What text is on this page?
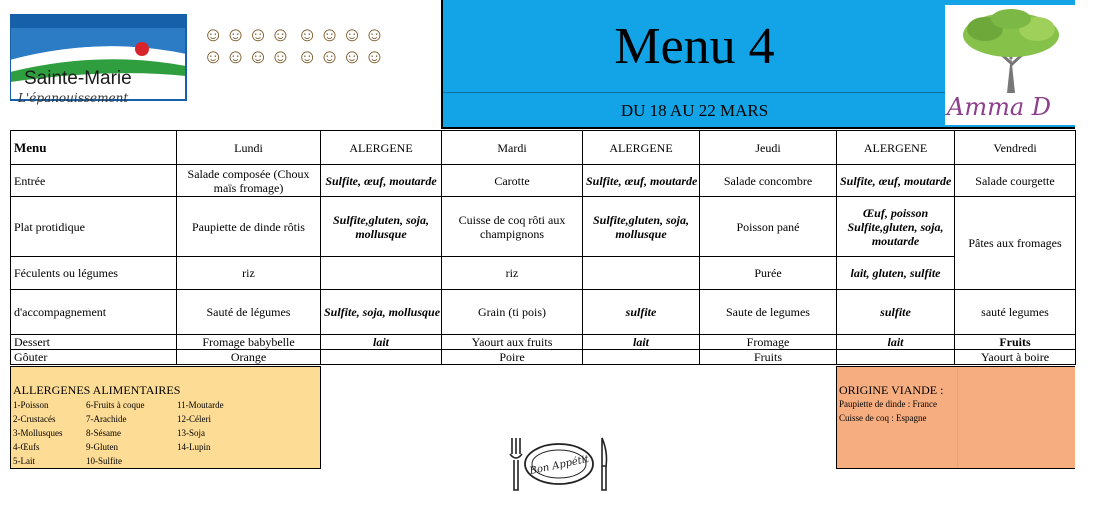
Sainte-Marie
L'épanouissement
☺☺☺☺
☺☺☺☺
☺☺☺☺
☺☺☺☺	Menu 4
DU 18 AU 22 MARS	Amma D
Menu	Lundi	ALERGENE	Mardi	ALERGENE	Jeudi	ALERGENE	Vendredi
Entrée	Salade composée (Choux maïs fromage)	Sulfite, œuf, moutarde	Carotte	Sulfite, œuf, moutarde	Salade concombre	Sulfite, œuf, moutarde	Salade courgette
Plat protidique	Paupiette de dinde rôtis	Sulfite,gluten, soja, mollusque	Cuisse de coq rôti aux champignons	Sulfite,gluten, soja, mollusque	Poisson pané	Œuf, poisson Sulfite,gluten, soja, moutarde	Pâtes aux fromages
Féculents ou légumes	riz		riz		Purée	lait, gluten, sulfite	
d'accompagnement	Sauté de légumes	Sulfite, soja, mollusque	Grain (ti pois)	sulfite	Saute de legumes	sulfite	sauté legumes
Dessert	Fromage babybelle	lait	Yaourt aux fruits	lait	Fromage	lait	Fruits
Gôuter	Orange		Poire		Fruits		Yaourt à boire
ALLERGENES ALIMENTAIRES
1-Poisson
2-Crustacés
3-Mollusques
4-Œufs
5-Lait
6-Fruits à coque
7-Arachide
8-Sésame
9-Gluten
10-Sulfite
11-Moutarde
12-Céleri
13-Soja
14-Lupin
Bon Appétit
ORIGINE VIANDE :
Paupiette de dinde : France
Cuisse de coq : Espagne
